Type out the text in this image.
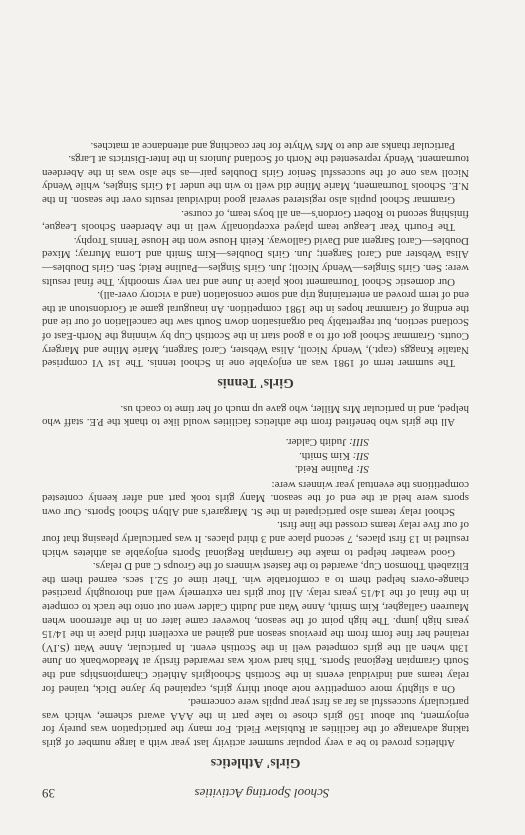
School Sporting Activities
39
Girls' Athletics

Athletics proved to be a very popular summer activity last year with a large number of girls taking advantage of the facilities at Rubislaw Field. For many the participation was purely for enjoyment, but about 150 girls chose to take part in the AAA award scheme, which was particularly successful as far as first year pupils were concerned.

On a slightly more competitive note about thirty girls, captained by Jayne Dick, trained for relay teams and individual events in the Scottish Schoolgirls Athletic Championships and the South Grampian Regional Sports. This hard work was rewarded firstly at Meadowbank on June 13th when all the girls competed well in the Scottish event. In particular, Anne Watt (S.IV) retained her fine form from the previous season and gained an excellent third place in the 14/15 years high jump. The high point of the season, however came later on in the afternoon when Maureen Gallagher, Kim Smith, Anne Watt and Judith Calder went out onto the track to compete in the final of the 14/15 years relay. All four girls ran extremely well and thoroughly practised change-overs helped them to a comfortable win. Their time of 52.1 secs. earned them the Elizabeth Thomson Cup, awarded to the fastest winners of the Groups C and D relays.

Good weather helped to make the Grampian Regional Sports enjoyable as athletes which resulted in 13 first places, 7 second place and 3 third places. It was particularly pleasing that four of our five relay teams crossed the line first.

School relay teams also participated in the St. Margaret's and Albyn School Sports. Our own sports were held at the end of the season. Many girls took part and after keenly contested competitions the eventual year winners were:

SI: Pauline Reid.
SII: Kim Smith.
SIII: Judith Calder.

All the girls who benefited from the athletics facilities would like to thank the P.E. staff who helped, and in particular Mrs Miller, who gave up much of her time to coach us.

Girls' Tennis

The summer term of 1981 was an enjoyable one in School tennis. The 1st VI comprised Natalie Knaggs (capt.), Wendy Nicoll, Alisa Webster, Carol Sargent, Marie Milne and Margery Coutts. Grammar School got off to a good start in the Scottish Cup by winning the North-East of Scotland section, but regrettably bad organisation down South saw the cancellation of our tie and the ending of Grammar hopes in the 1981 competition. An inaugural game at Gordonstoun at the end of term proved an entertaining trip and some consolation (and a victory over-all).

Our domestic School Tournament took place in June and ran very smoothly. The final results were: Sen. Girls Singles—Wendy Nicoll; Jun. Girls Singles—Pauline Reid; Sen. Girls Doubles—Alisa Webster and Carol Sargent; Jun. Girls Doubles—Kim Smith and Lorna Murray; Mixed Doubles—Carol Sargent and David Galloway. Keith House won the House Tennis Trophy.

The Fourth Year League team played exceptionally well in the Aberdeen Schools League, finishing second to Robert Gordon's—an all boys team, of course.

Grammar School pupils also registered several good individual results over the season. In the N.E. Schools Tournament, Marie Milne did well to win the under 14 Girls Singles, while Wendy Nicoll was one of the successful Senior Girls Doubles pair—as she also was in the Aberdeen tournament. Wendy represented the North of Scotland Juniors in the Inter-Districts at Largs.

Particular thanks are due to Mrs Whyte for her coaching and attendance at matches.
